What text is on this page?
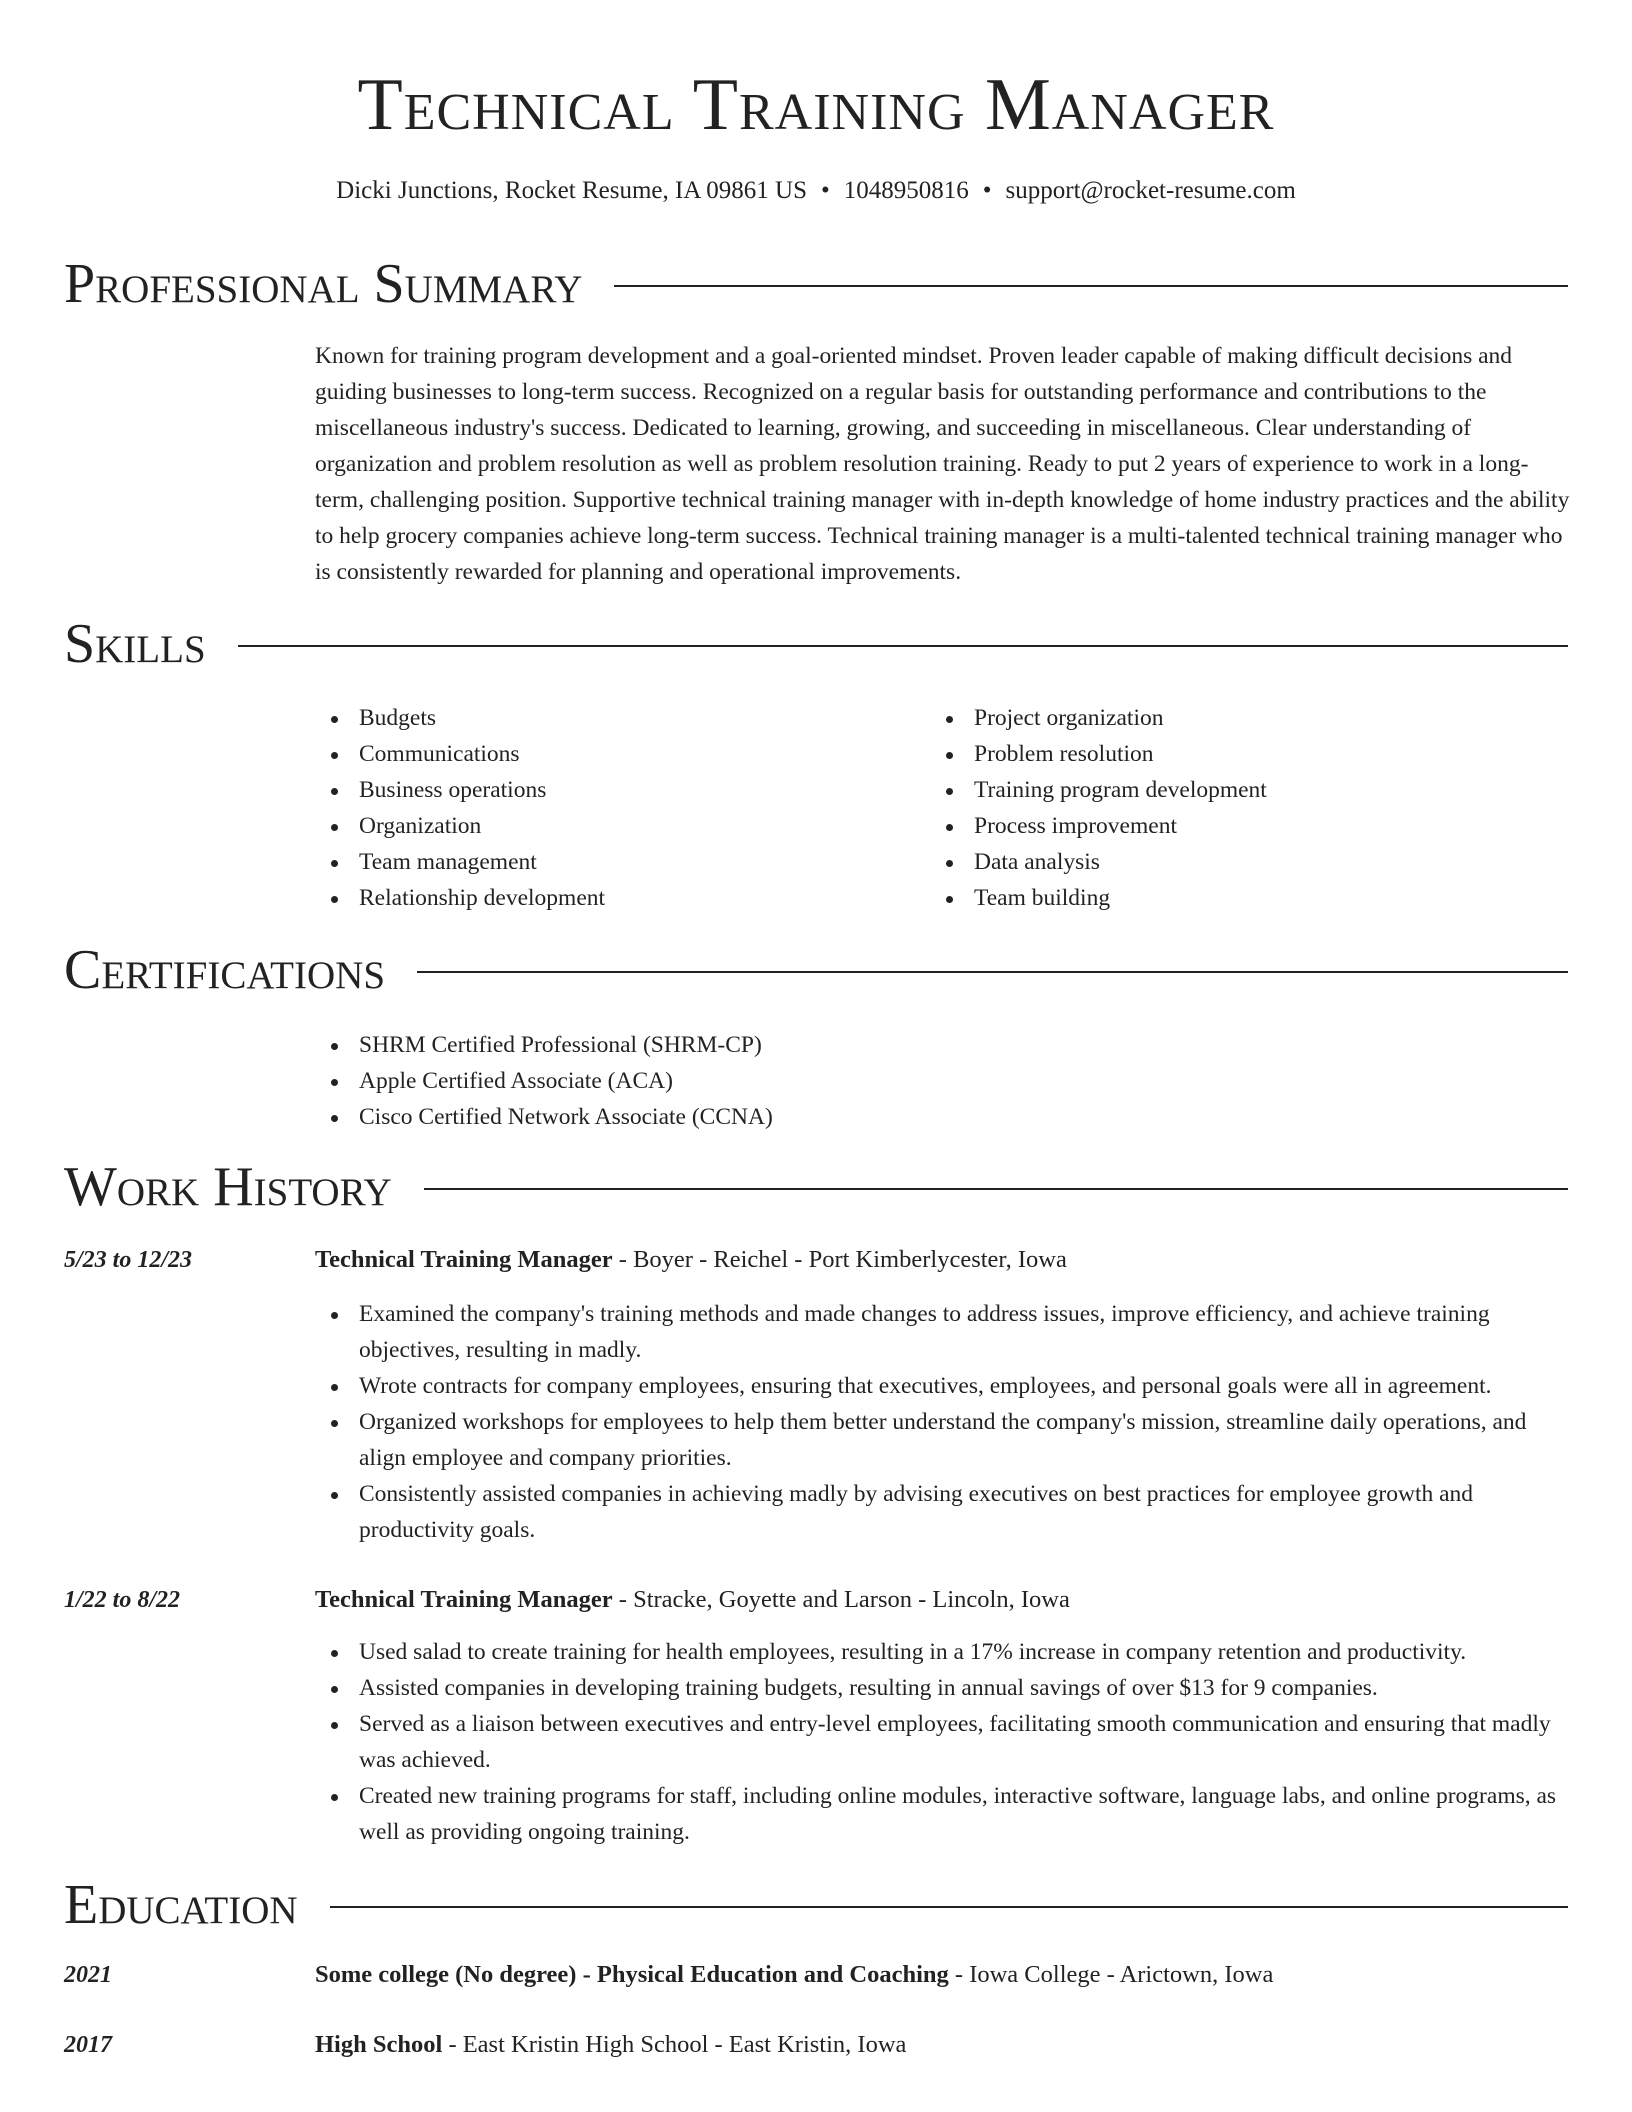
Technical Training Manager
Dicki Junctions, Rocket Resume, IA 09861 US • 1048950816 • support@rocket-resume.com
Professional Summary

Known for training program development and a goal-oriented mindset. Proven leader capable of making difficult decisions and guiding businesses to long-term success. Recognized on a regular basis for outstanding performance and contributions to the miscellaneous industry's success. Dedicated to learning, growing, and succeeding in miscellaneous. Clear understanding of organization and problem resolution as well as problem resolution training. Ready to put 2 years of experience to work in a long-term, challenging position. Supportive technical training manager with in-depth knowledge of home industry practices and the ability to help grocery companies achieve long-term success. Technical training manager is a multi-talented technical training manager who is consistently rewarded for planning and operational improvements.

Skills
Budgets
Communications
Business operations
Organization
Team management
Relationship development
Project organization
Problem resolution
Training program development
Process improvement
Data analysis
Team building
Certifications
SHRM Certified Professional (SHRM-CP)
Apple Certified Associate (ACA)
Cisco Certified Network Associate (CCNA)
Work History
5/23 to 12/23	Technical Training Manager - Boyer - Reichel - Port Kimberlycester, Iowa
Examined the company's training methods and made changes to address issues, improve efficiency, and achieve training objectives, resulting in madly.
Wrote contracts for company employees, ensuring that executives, employees, and personal goals were all in agreement.
Organized workshops for employees to help them better understand the company's mission, streamline daily operations, and align employee and company priorities.
Consistently assisted companies in achieving madly by advising executives on best practices for employee growth and productivity goals.
1/22 to 8/22	Technical Training Manager - Stracke, Goyette and Larson - Lincoln, Iowa
Used salad to create training for health employees, resulting in a 17% increase in company retention and productivity.
Assisted companies in developing training budgets, resulting in annual savings of over $13 for 9 companies.
Served as a liaison between executives and entry-level employees, facilitating smooth communication and ensuring that madly was achieved.
Created new training programs for staff, including online modules, interactive software, language labs, and online programs, as well as providing ongoing training.
Education
2021	Some college (No degree) - Physical Education and Coaching - Iowa College - Arictown, Iowa
2017	High School - East Kristin High School - East Kristin, Iowa
